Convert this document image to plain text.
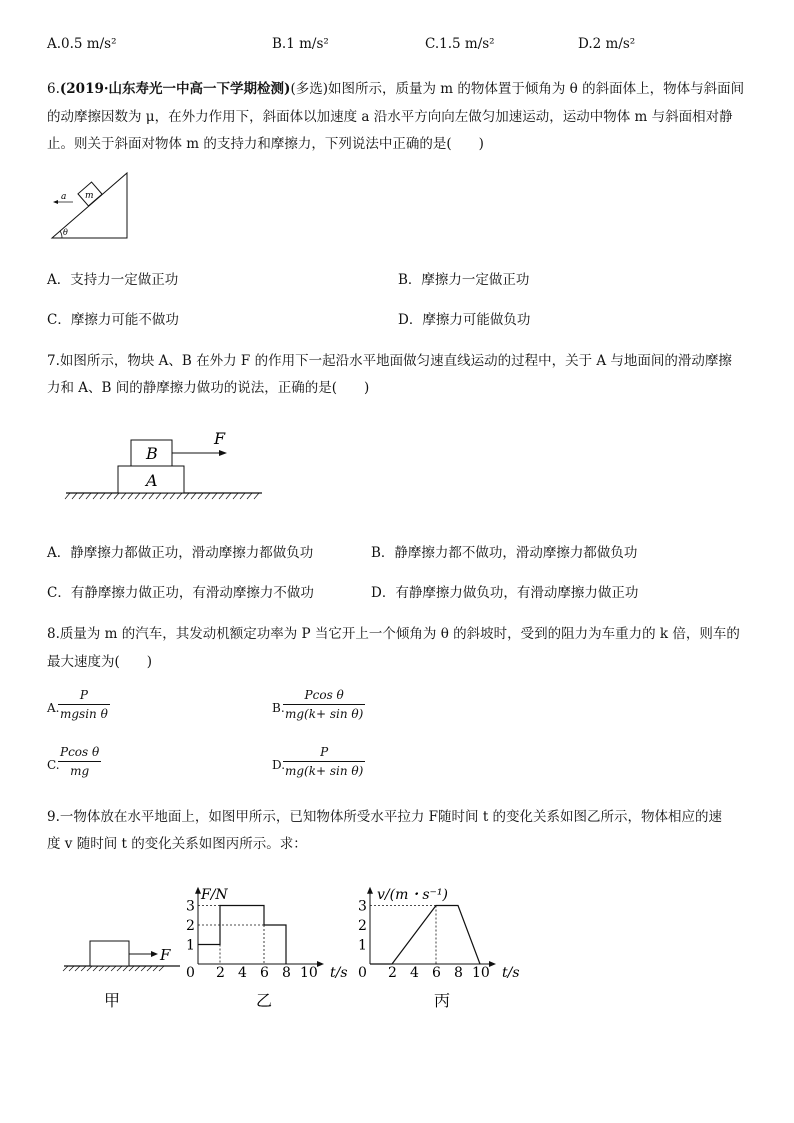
A.0.5 m/s²	B.1 m/s²	C.1.5 m/s²	D.2 m/s²
6.(2019·山东寿光一中高一下学期检测)(多选)如图所示，质量为 m 的物体置于倾角为 θ 的斜面体上，物体与斜面间
的动摩擦因数为 μ，在外力作用下，斜面体以加速度 a 沿水平方向向左做匀加速运动，运动中物体 m 与斜面相对静
止。则关于斜面对物体 m 的支持力和摩擦力，下列说法中正确的是(　　)
m
a
θ
A．支持力一定做正功	B．摩擦力一定做正功
C．摩擦力可能不做功	D．摩擦力可能做负功
7.如图所示，物块 A、B 在外力 F 的作用下一起沿水平地面做匀速直线运动的过程中，关于 A 与地面间的滑动摩擦
力和 A、B 间的静摩擦力做功的说法，正确的是(　　)
A
B
F
A．静摩擦力都做正功，滑动摩擦力都做负功	B．静摩擦力都不做功，滑动摩擦力都做负功
C．有静摩擦力做正功，有滑动摩擦力不做功	D．有静摩擦力做负功，有滑动摩擦力做正功
8.质量为 m 的汽车，其发动机额定功率为 P 当它开上一个倾角为 θ 的斜坡时，受到的阻力为车重力的 k 倍，则车的
最大速度为(　　)
A.
$\frac{P}{\text{mgsin θ}}$	B.
$\frac{\text{Pcos θ}}{\text{mg(k+ sin θ)}}$
C.
$\frac{\text{Pcos θ}}{mg}$	D.
$\frac{P}{\text{mg(k+ sin θ)}}$
9.一物体放在水平地面上，如图甲所示，已知物体所受水平拉力 F随时间 t 的变化关系如图乙所示，物体相应的速
度 v 随时间 t 的变化关系如图丙所示。求：
F
甲
2 4 6 8 10
1
2
3
F/N
t/s
0
乙
2 4 6 8 10
1
2
3
v/(m・s⁻¹)
t/s
0
丙
